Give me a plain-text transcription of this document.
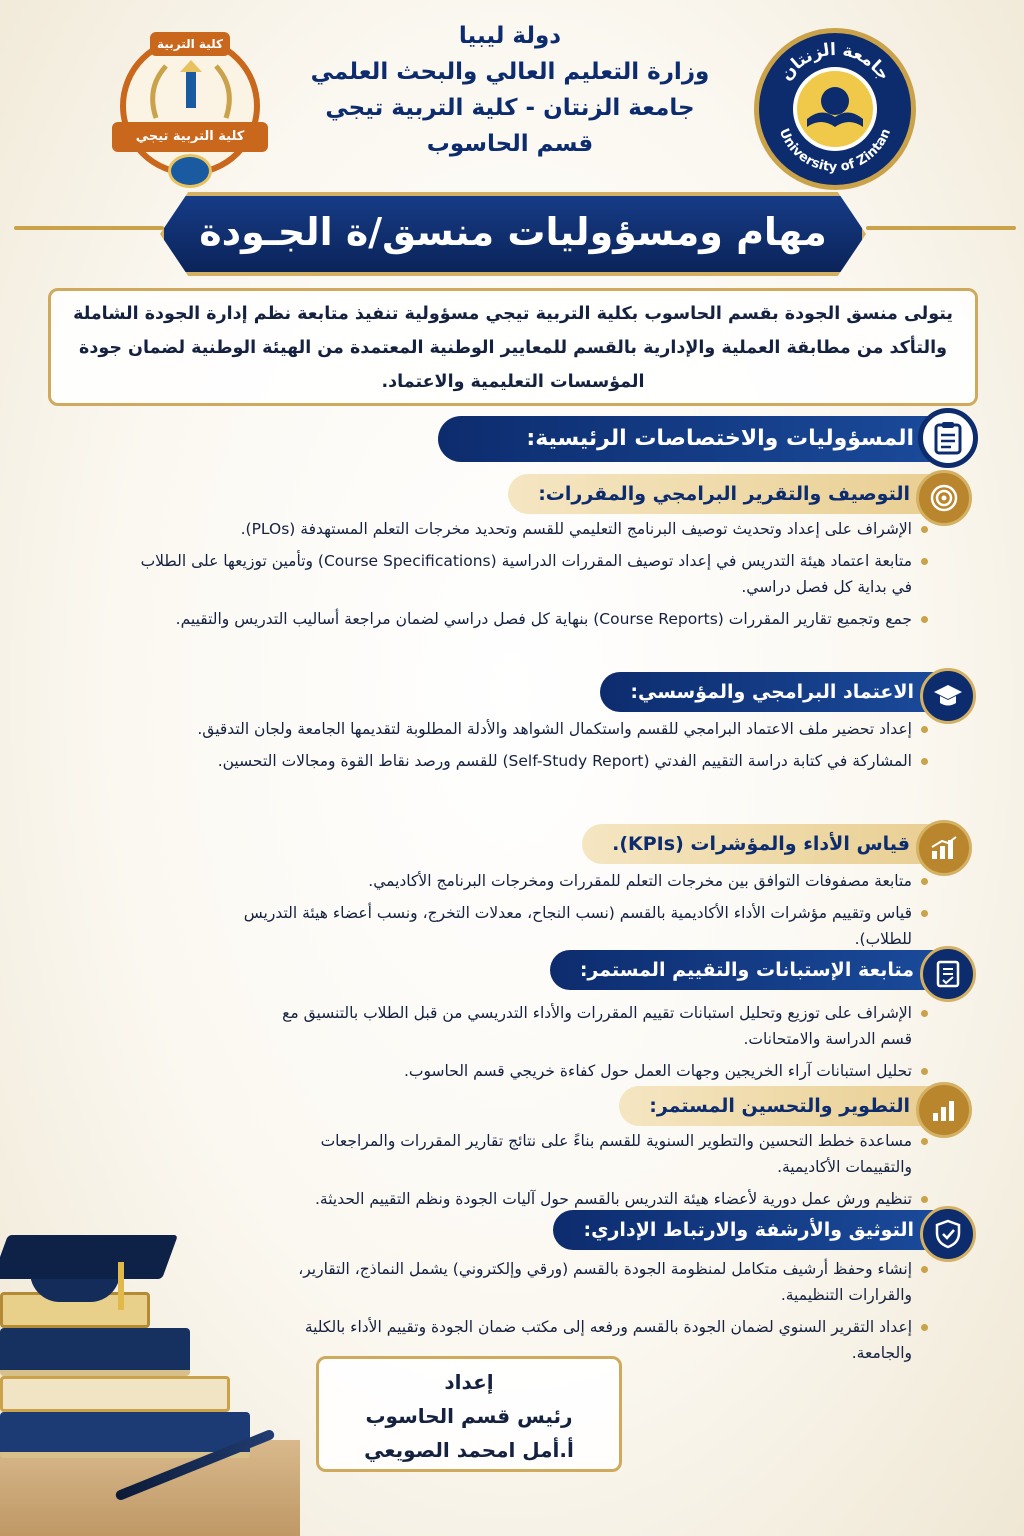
جامعة الزنتان
University of Zintan
كلية التربية
كلية التربية تيجي
دولة ليبيا
وزارة التعليم العالي والبحث العلمي
جامعة الزنتان - كلية التربية تيجي
قسم الحاسوب
مهام ومسؤوليات منسق/ة الجـودة

يتولى منسق الجودة بقسم الحاسوب بكلية التربية تيجي مسؤولية تنفيذ متابعة نظم إدارة الجودة الشاملة والتأكد من مطابقة العملية والإدارية بالقسم للمعايير الوطنية المعتمدة من الهيئة الوطنية لضمان جودة المؤسسات التعليمية والاعتماد.

المسؤوليات والاختصاصات الرئيسية:
التوصيف والتقرير البرامجي والمقررات:
الإشراف على إعداد وتحديث توصيف البرنامج التعليمي للقسم وتحديد مخرجات التعلم المستهدفة (PLOs).
متابعة اعتماد هيئة التدريس في إعداد توصيف المقررات الدراسية (Course Specifications) وتأمين توزيعها على الطلاب في بداية كل فصل دراسي.
جمع وتجميع تقارير المقررات (Course Reports) بنهاية كل فصل دراسي لضمان مراجعة أساليب التدريس والتقييم.
الاعتماد البرامجي والمؤسسي:
إعداد تحضير ملف الاعتماد البرامجي للقسم واستكمال الشواهد والأدلة المطلوبة لتقديمها الجامعة ولجان التدقيق.
المشاركة في كتابة دراسة التقييم الفدتي (Self-Study Report) للقسم ورصد نقاط القوة ومجالات التحسين.
قياس الأداء والمؤشرات (KPIs).
متابعة مصفوفات التوافق بين مخرجات التعلم للمقررات ومخرجات البرنامج الأكاديمي.
قياس وتقييم مؤشرات الأداء الأكاديمية بالقسم (نسب النجاح، معدلات التخرج، ونسب أعضاء هيئة التدريس للطلاب).
متابعة الإستبانات والتقييم المستمر:
الإشراف على توزيع وتحليل استبانات تقييم المقررات والأداء التدريسي من قبل الطلاب بالتنسيق مع قسم الدراسة والامتحانات.
تحليل استبانات آراء الخريجين وجهات العمل حول كفاءة خريجي قسم الحاسوب.
التطوير والتحسين المستمر:
مساعدة خطط التحسين والتطوير السنوية للقسم بناءً على نتائج تقارير المقررات والمراجعات والتقييمات الأكاديمية.
تنظيم ورش عمل دورية لأعضاء هيئة التدريس بالقسم حول آليات الجودة ونظم التقييم الحديثة.
التوثيق والأرشفة والارتباط الإداري:
إنشاء وحفظ أرشيف متكامل لمنظومة الجودة بالقسم (ورقي وإلكتروني) يشمل النماذج، التقارير، والقرارات التنظيمية.
إعداد التقرير السنوي لضمان الجودة بالقسم ورفعه إلى مكتب ضمان الجودة وتقييم الأداء بالكلية والجامعة.
إعداد
رئيس قسم الحاسوب
أ.أمل امحمد الصويعي
